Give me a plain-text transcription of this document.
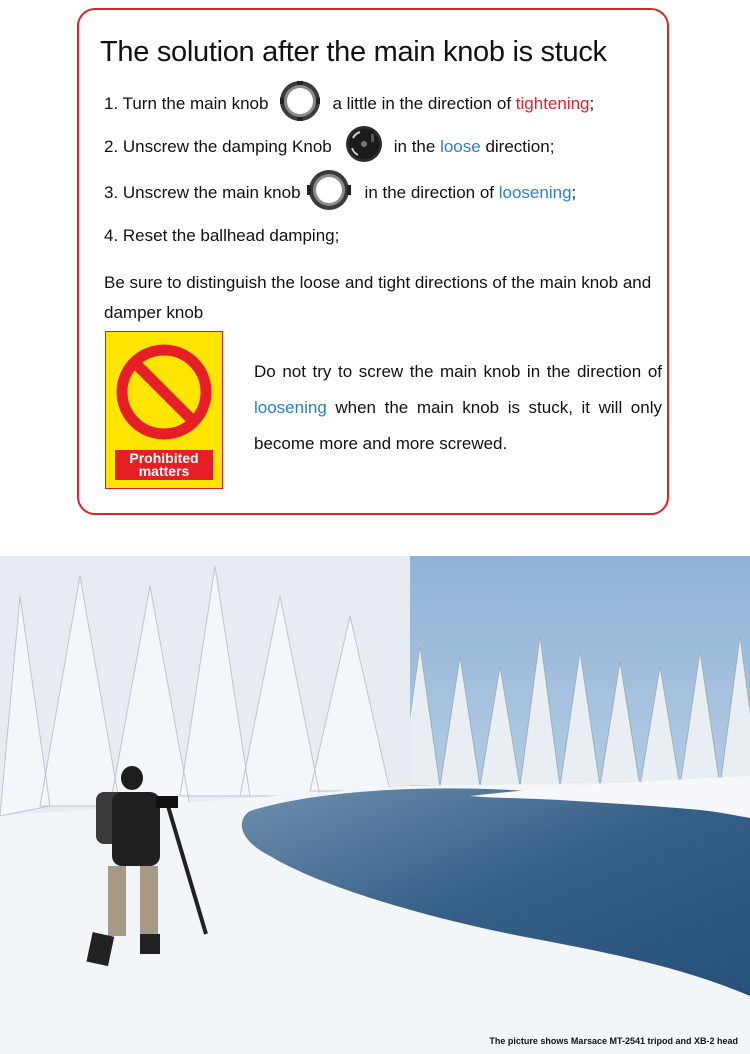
The solution after the main knob is stuck
1. Turn the main knob	a little in the direction of
tightening ;
2. Unscrew the damping Knob	in the
loose
direction;
3. Unscrew the main knob	in the direction of
loosening ;
4. Reset the ballhead damping;
Be sure to distinguish the loose and tight directions of the main knob and damper knob
Prohibited
matters
Do not try to screw the main knob in the direction of loosening when the main knob is stuck, it will only become more and more screwed.
The picture shows Marsace MT-2541 tripod and XB-2 head
